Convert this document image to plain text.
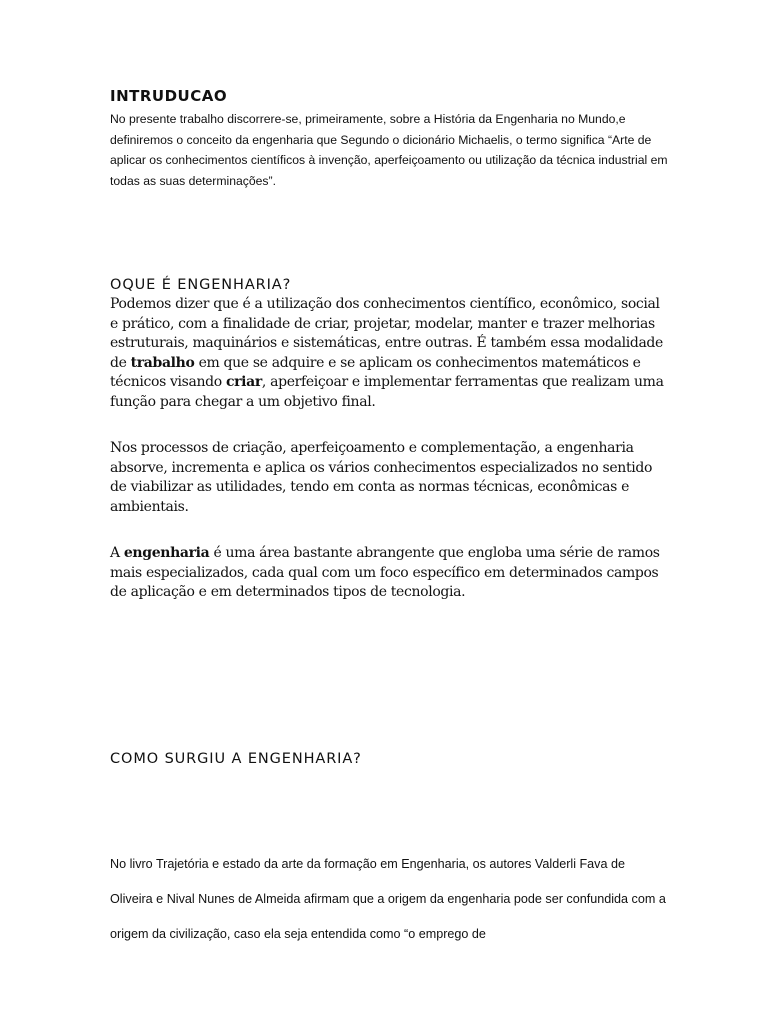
INTRUDUCAO

No presente trabalho discorrere-se, primeiramente, sobre a História da Engenharia no Mundo,e definiremos o conceito da engenharia que Segundo o dicionário Michaelis, o termo significa “Arte de aplicar os conhecimentos científicos à invenção, aperfeiçoamento ou utilização da técnica industrial em todas as suas determinações”.

OQUE É ENGENHARIA?

Podemos dizer que é a utilização dos conhecimentos científico, econômico, social e prático, com a finalidade de criar, projetar, modelar, manter e trazer melhorias estruturais, maquinários e sistemáticas, entre outras. É também essa modalidade de trabalho em que se adquire e se aplicam os conhecimentos matemáticos e técnicos visando criar, aperfeiçoar e implementar ferramentas que realizam uma função para chegar a um objetivo final.

Nos processos de criação, aperfeiçoamento e complementação, a engenharia absorve, incrementa e aplica os vários conhecimentos especializados no sentido de viabilizar as utilidades, tendo em conta as normas técnicas, econômicas e ambientais.

A engenharia é uma área bastante abrangente que engloba uma série de ramos mais especializados, cada qual com um foco específico em determinados campos de aplicação e em determinados tipos de tecnologia.

COMO SURGIU A ENGENHARIA?

No livro Trajetória e estado da arte da formação em Engenharia, os autores Valderli Fava de Oliveira e Nival Nunes de Almeida afirmam que a origem da engenharia pode ser confundida com a origem da civilização, caso ela seja entendida como “o emprego de
